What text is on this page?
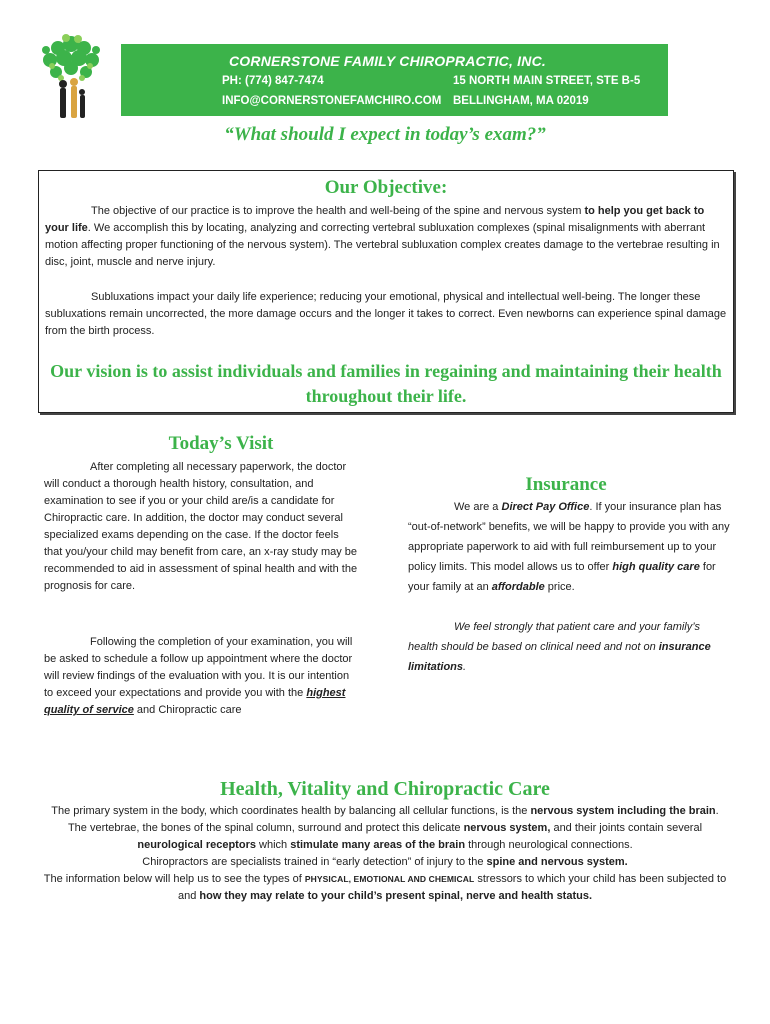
CORNERSTONE FAMILY CHIROPRACTIC, INC.
PH: (774) 847-7474
INFO@CORNERSTONEFAMCHIRO.COM
15 NORTH MAIN STREET, STE B-5
BELLINGHAM, MA 02019
“What should I expect in today’s exam?”
Our Objective:

The objective of our practice is to improve the health and well-being of the spine and nervous system to help you get back to your life. We accomplish this by locating, analyzing and correcting vertebral subluxation complexes (spinal misalignments with aberrant motion affecting proper functioning of the nervous system). The vertebral subluxation complex creates damage to the vertebrae resulting in disc, joint, muscle and nerve injury.

Subluxations impact your daily life experience; reducing your emotional, physical and intellectual well-being. The longer these subluxations remain uncorrected, the more damage occurs and the longer it takes to correct. Even newborns can experience spinal damage from the birth process.

Our vision is to assist individuals and families in regaining and maintaining their health throughout their life.
Today’s Visit

After completing all necessary paperwork, the doctor will conduct a thorough health history, consultation, and examination to see if you or your child are/is a candidate for Chiropractic care. In addition, the doctor may conduct several specialized exams depending on the case. If the doctor feels that you/your child may benefit from care, an x-ray study may be recommended to aid in assessment of spinal health and with the prognosis for care.

Following the completion of your examination, you will be asked to schedule a follow up appointment where the doctor will review findings of the evaluation with you. It is our intention to exceed your expectations and provide you with the highest quality of service and Chiropractic care

Insurance

We are a Direct Pay Office. If your insurance plan has “out-of-network” benefits, we will be happy to provide you with any appropriate paperwork to aid with full reimbursement up to your policy limits. This model allows us to offer high quality care for your family at an affordable price.

We feel strongly that patient care and your family’s health should be based on clinical need and not on insurance limitations.

Health, Vitality and Chiropractic Care
The primary system in the body, which coordinates health by balancing all cellular functions, is the nervous system including the brain.
The vertebrae, the bones of the spinal column, surround and protect this delicate nervous system, and their joints contain several neurological receptors which stimulate many areas of the brain through neurological connections.
Chiropractors are specialists trained in “early detection” of injury to the spine and nervous system.
The information below will help us to see the types of PHYSICAL, EMOTIONAL AND CHEMICAL stressors to which your child has been subjected to and how they may relate to your child’s present spinal, nerve and health status.
